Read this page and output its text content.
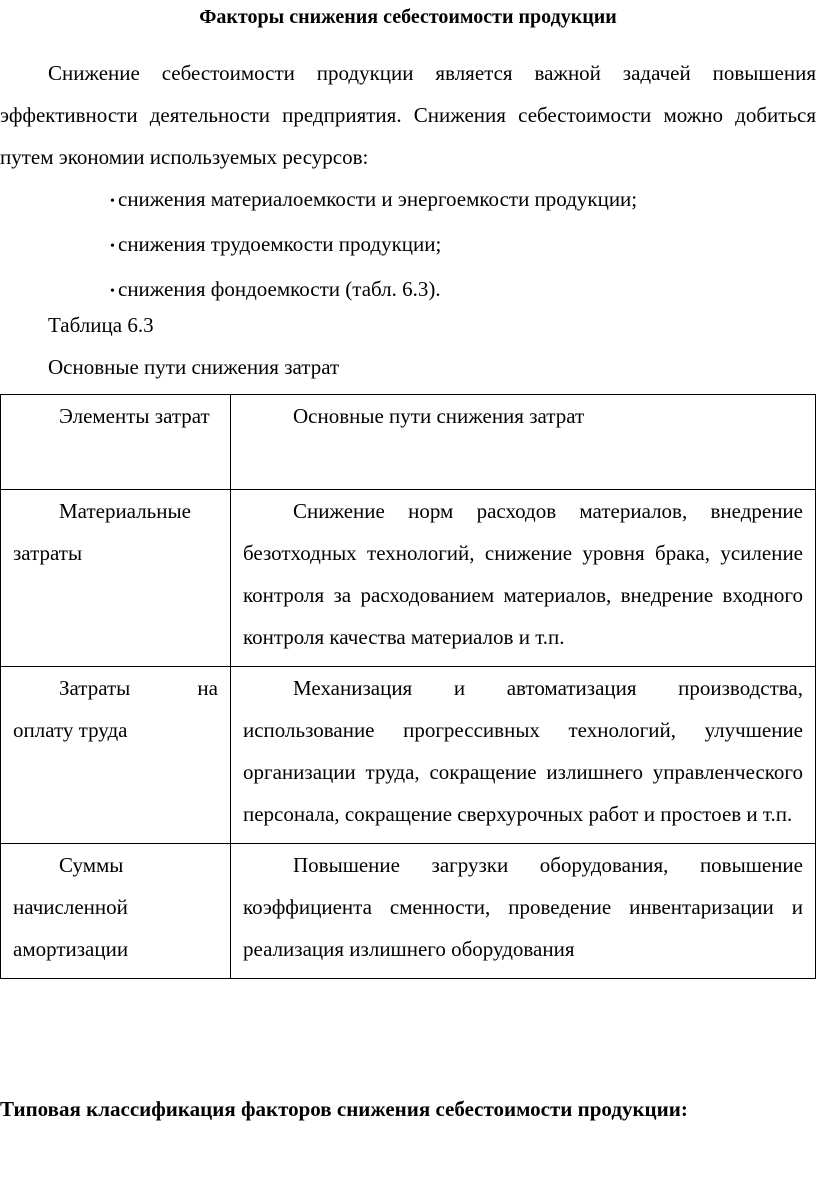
Факторы снижения себестоимости продукции

Снижение себестоимости продукции является важной задачей повышения эффективности деятельности предприятия. Снижения себестоимости можно добиться путем экономии используемых ресурсов:

• снижения материалоемкости и энергоемкости продукции;
• снижения трудоемкости продукции;
• снижения фондоемкости (табл. 6.3).

Таблица 6.3

Основные пути снижения затрат

Элементы затрат	Основные пути снижения затрат
Материальные затраты	Снижение норм расходов материалов, внедрение безотходных технологий, снижение уровня брака, усиление контроля за расходованием материалов, внедрение входного контроля качества материалов и т.п.
Затраты на оплату труда	Механизация и автоматизация производства, использование прогрессивных технологий, улучшение организации труда, сокращение излишнего управленческого персонала, сокращение сверхурочных работ и простоев и т.п.
Суммы начисленной амортизации	Повышение загрузки оборудования, повышение коэффициента сменности, проведение инвентаризации и реализация излишнего оборудования

Типовая классификация факторов снижения себестоимости продукции:
